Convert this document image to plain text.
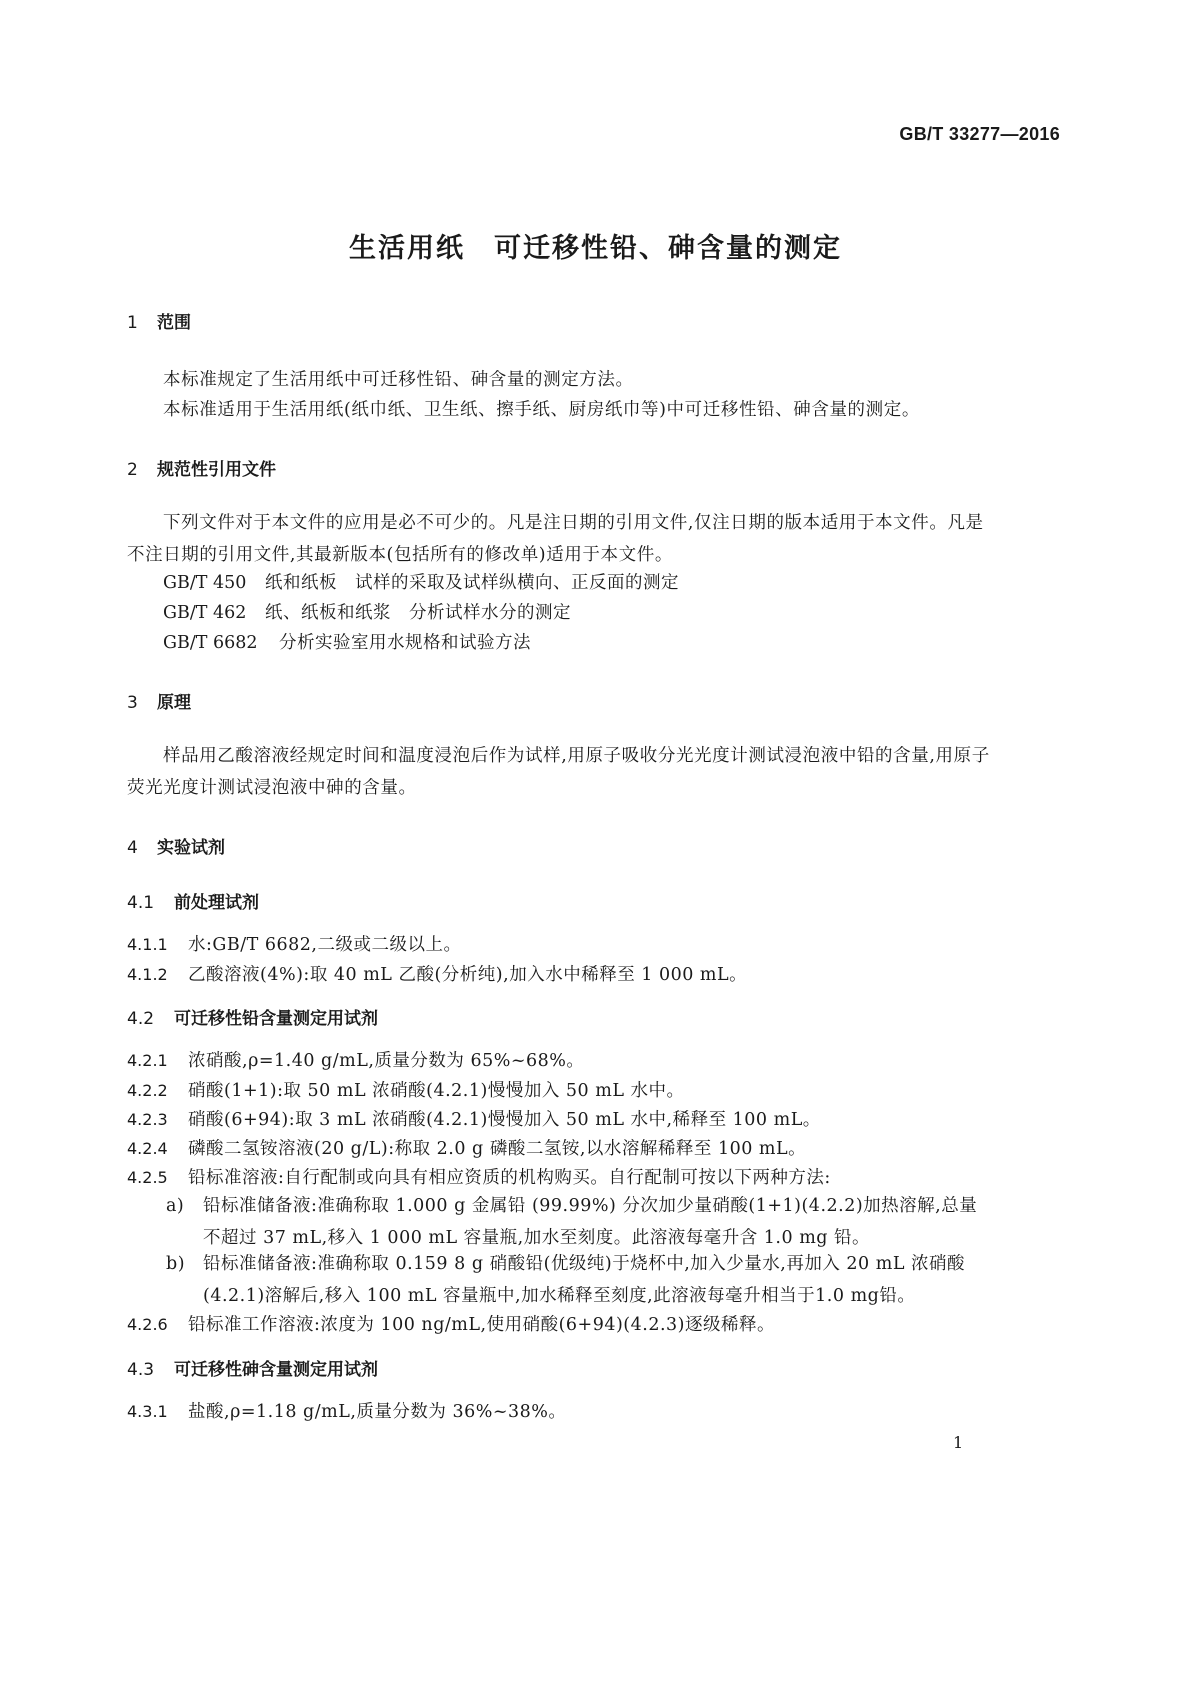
GB/T 33277—2016
生活用纸　可迁移性铅、砷含量的测定
1 范围

本标准规定了生活用纸中可迁移性铅、砷含量的测定方法。

本标准适用于生活用纸(纸巾纸、卫生纸、擦手纸、厨房纸巾等)中可迁移性铅、砷含量的测定。

2 规范性引用文件

下列文件对于本文件的应用是必不可少的。凡是注日期的引用文件,仅注日期的版本适用于本文件。凡是不注日期的引用文件,其最新版本(包括所有的修改单)适用于本文件。

GB/T 450 纸和纸板　试样的采取及试样纵横向、正反面的测定
GB/T 462 纸、纸板和纸浆　分析试样水分的测定
GB/T 6682 分析实验室用水规格和试验方法
3 原理

样品用乙酸溶液经规定时间和温度浸泡后作为试样,用原子吸收分光光度计测试浸泡液中铅的含量,用原子荧光光度计测试浸泡液中砷的含量。

4 实验试剂
4.1 前处理试剂
4.1.1 水:GB/T 6682,二级或二级以上。
4.1.2 乙酸溶液(4%):取 40 mL 乙酸(分析纯),加入水中稀释至 1 000 mL。
4.2 可迁移性铅含量测定用试剂
4.2.1 浓硝酸,ρ=1.40 g/mL,质量分数为 65%~68%。
4.2.2 硝酸(1+1):取 50 mL 浓硝酸(4.2.1)慢慢加入 50 mL 水中。
4.2.3 硝酸(6+94):取 3 mL 浓硝酸(4.2.1)慢慢加入 50 mL 水中,稀释至 100 mL。
4.2.4 磷酸二氢铵溶液(20 g/L):称取 2.0 g 磷酸二氢铵,以水溶解稀释至 100 mL。
4.2.5 铅标准溶液:自行配制或向具有相应资质的机构购买。自行配制可按以下两种方法:
a) 铅标准储备液:准确称取 1.000 g 金属铅 (99.99%) 分次加少量硝酸(1+1)(4.2.2)加热溶解,总量不超过 37 mL,移入 1 000 mL 容量瓶,加水至刻度。此溶液每毫升含 1.0 mg 铅。
b) 铅标准储备液:准确称取 0.159 8 g 硝酸铅(优级纯)于烧杯中,加入少量水,再加入 20 mL 浓硝酸(4.2.1)溶解后,移入 100 mL 容量瓶中,加水稀释至刻度,此溶液每毫升相当于1.0 mg铅。
4.2.6 铅标准工作溶液:浓度为 100 ng/mL,使用硝酸(6+94)(4.2.3)逐级稀释。
4.3 可迁移性砷含量测定用试剂
4.3.1 盐酸,ρ=1.18 g/mL,质量分数为 36%~38%。
1
